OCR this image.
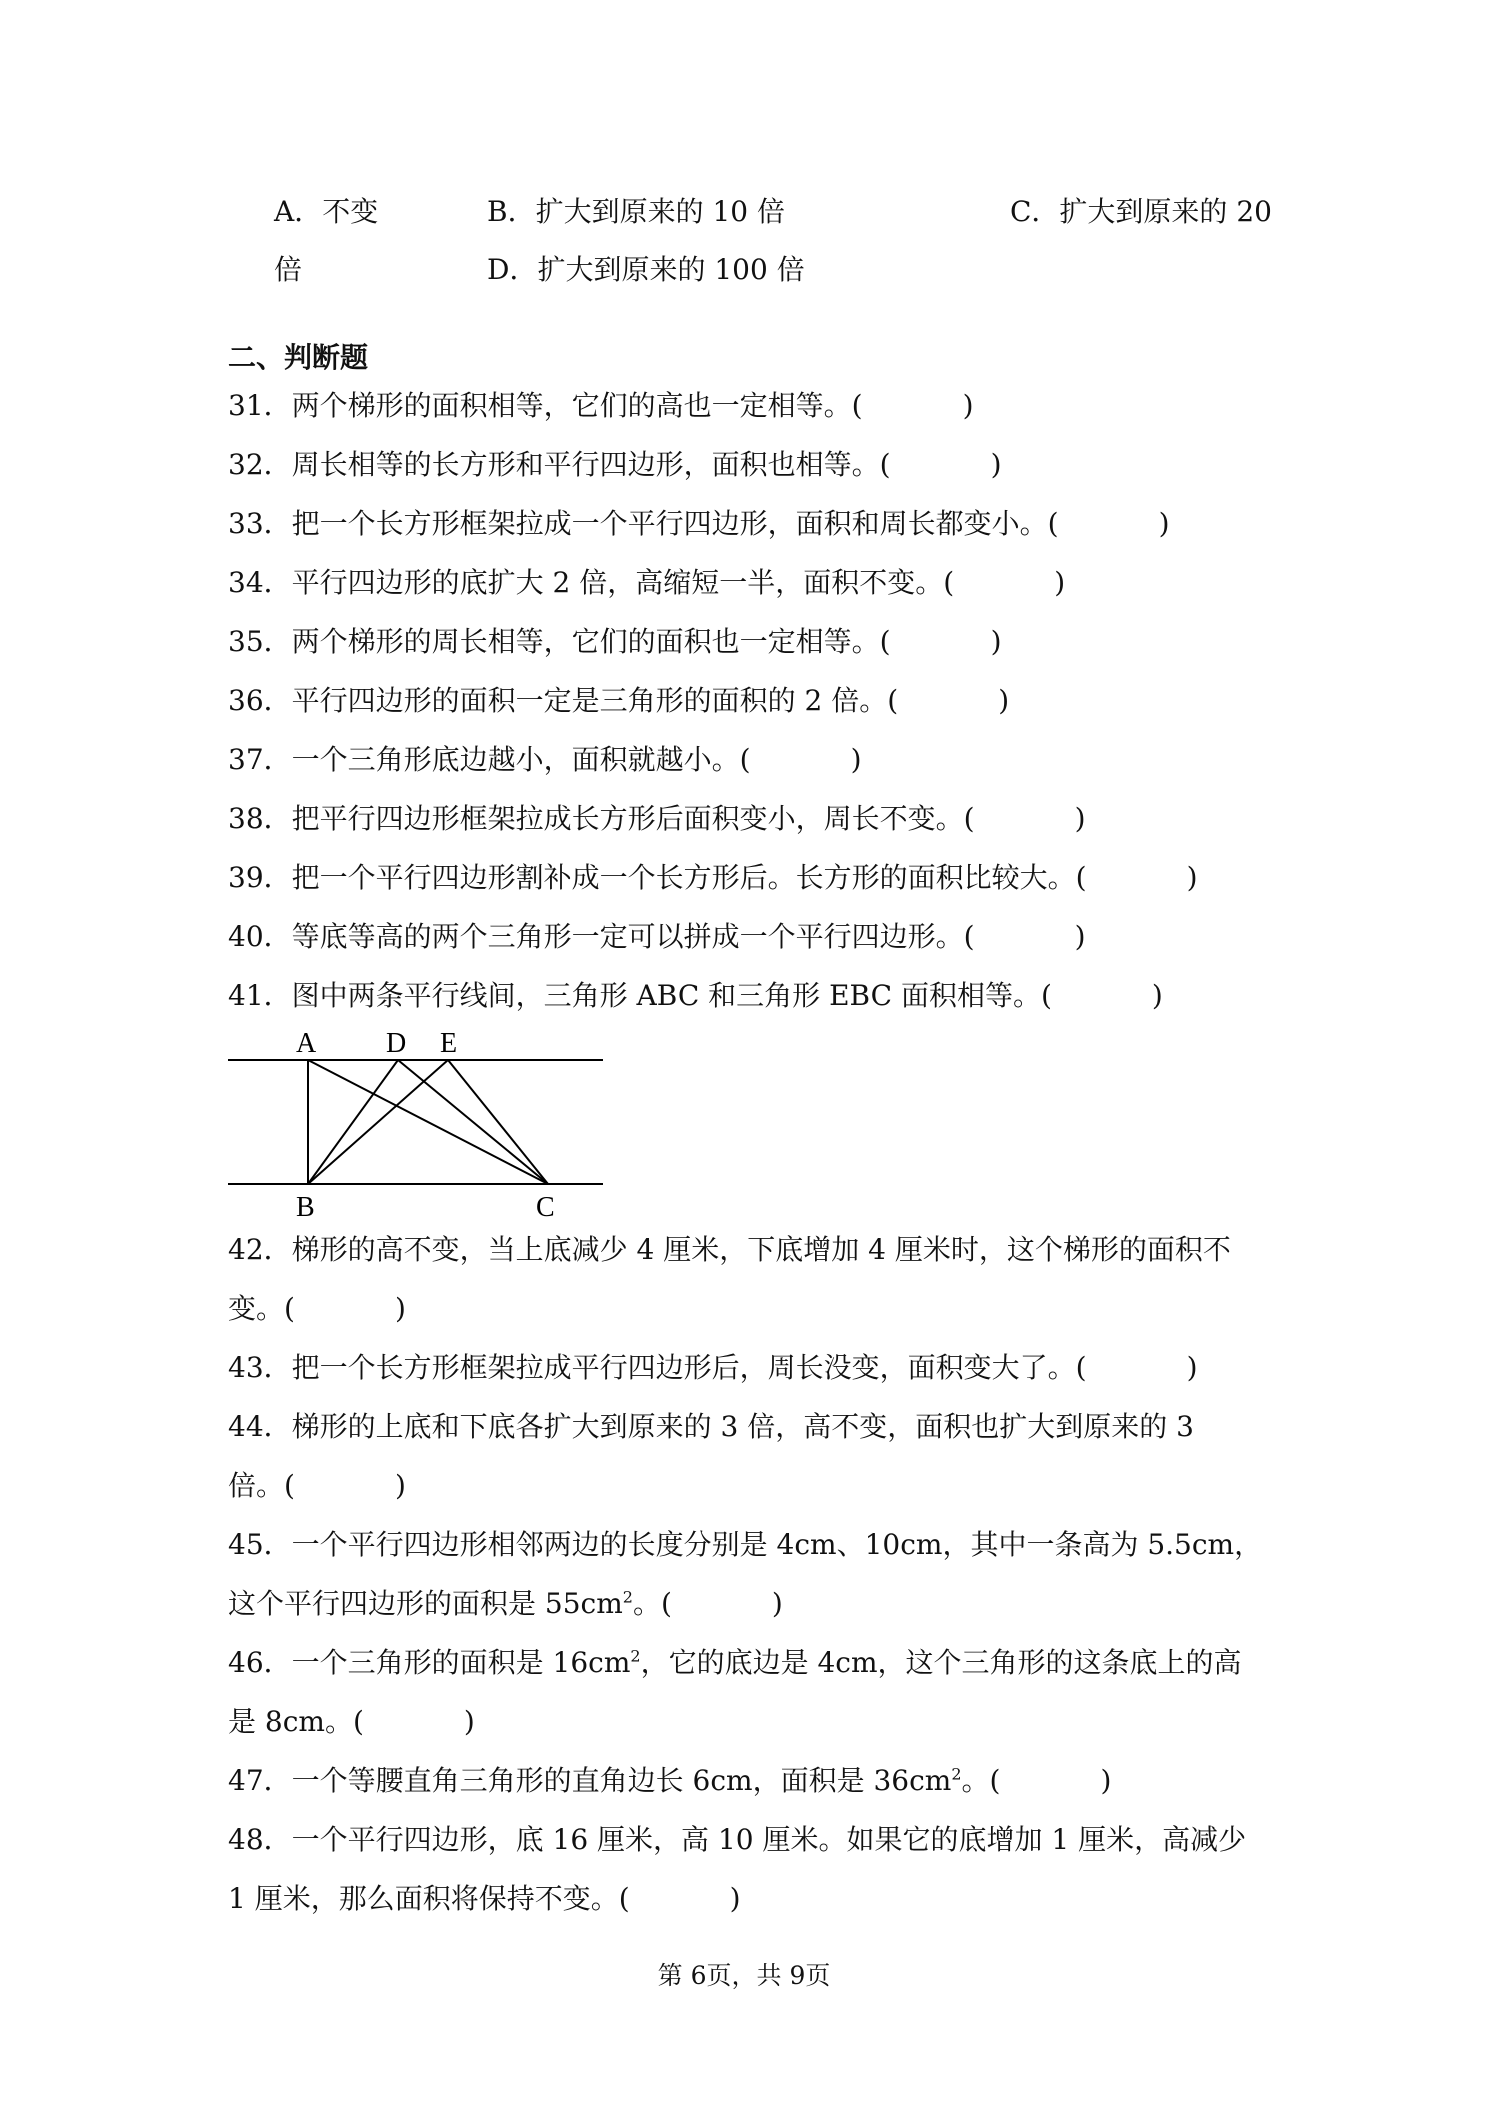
A．不变	B．扩大到原来的 10 倍	C．扩大到原来的 20
倍	D．扩大到原来的 100 倍
二、判断题
31．两个梯形的面积相等，它们的高也一定相等。(	)
32．周长相等的长方形和平行四边形，面积也相等。(	)
33．把一个长方形框架拉成一个平行四边形，面积和周长都变小。(	)
34．平行四边形的底扩大 2 倍，高缩短一半，面积不变。(	)
35．两个梯形的周长相等，它们的面积也一定相等。(	)
36．平行四边形的面积一定是三角形的面积的 2 倍。(	)
37．一个三角形底边越小，面积就越小。(	)
38．把平行四边形框架拉成长方形后面积变小，周长不变。(	)
39．把一个平行四边形割补成一个长方形后。长方形的面积比较大。(	)
40．等底等高的两个三角形一定可以拼成一个平行四边形。(	)
41．图中两条平行线间，三角形 ABC 和三角形 EBC 面积相等。(	)
A D E
B	C
42．梯形的高不变，当上底减少 4 厘米，下底增加 4 厘米时，这个梯形的面积不
变。(	)
43．把一个长方形框架拉成平行四边形后，周长没变，面积变大了。(	)
44．梯形的上底和下底各扩大到原来的 3 倍，高不变，面积也扩大到原来的 3
倍。(	)
45．一个平行四边形相邻两边的长度分别是 4cm、10cm，其中一条高为 5.5cm，
这个平行四边形的面积是 $55cm^2$。(	)
46．一个三角形的面积是 $16cm^2$，它的底边是 4cm，这个三角形的这条底上的高
是 8cm。(	)
47．一个等腰直角三角形的直角边长 6cm，面积是 $36cm^2$。(	)
48．一个平行四边形，底 16 厘米，高 10 厘米。如果它的底增加 1 厘米，高减少
1 厘米，那么面积将保持不变。(	)
第 6页，共 9页
